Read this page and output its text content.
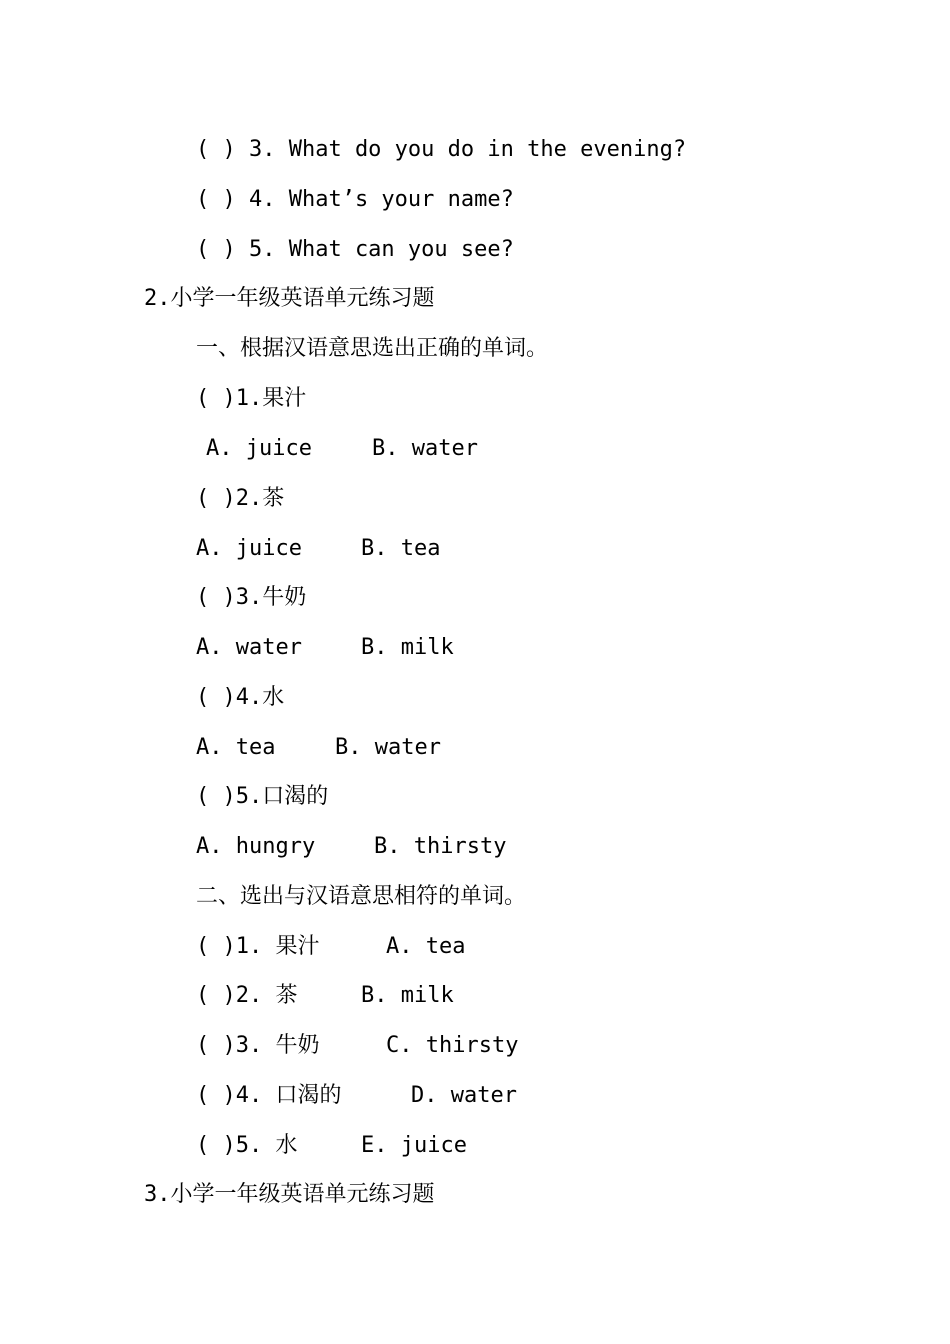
( ) 3. What do you do in the evening?
( ) 4. What’s your name?
( ) 5. What can you see?
2.小学一年级英语单元练习题
一、根据汉语意思选出正确的单词。
( )1.果汁
A. juice	B. water
( )2.茶
A. juice	B. tea
( )3.牛奶
A. water	B. milk
( )4.水
A. tea	B. water
( )5.口渴的
A. hungry	B. thirsty
二、选出与汉语意思相符的单词。
( )1. 果汁	A. tea
( )2. 茶	B. milk
( )3. 牛奶	C. thirsty
( )4. 口渴的	D. water
( )5. 水	E. juice
3.小学一年级英语单元练习题
